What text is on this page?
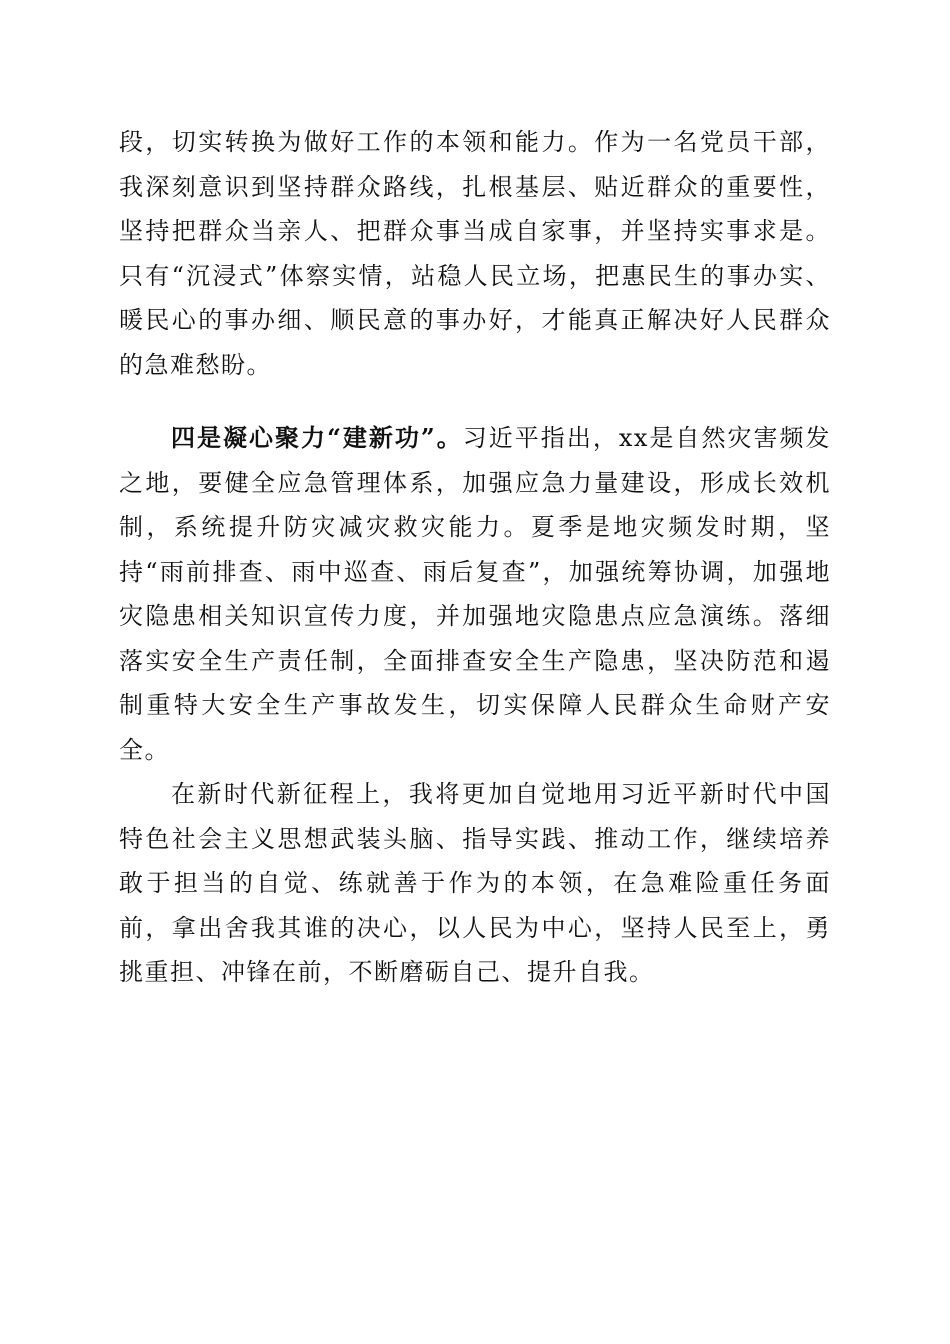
段，切实转换为做好工作的本领和能力。作为一名党员干部，我深刻意识到坚持群众路线，扎根基层、贴近群众的重要性，坚持把群众当亲人、把群众事当成自家事，并坚持实事求是。只有“沉浸式”体察实情，站稳人民立场，把惠民生的事办实、暖民心的事办细、顺民意的事办好，才能真正解决好人民群众的急难愁盼。

四是凝心聚力“建新功”。习近平指出，xx是自然灾害频发之地，要健全应急管理体系，加强应急力量建设，形成长效机制，系统提升防灾减灾救灾能力。夏季是地灾频发时期，坚持“雨前排查、雨中巡查、雨后复查”，加强统筹协调，加强地灾隐患相关知识宣传力度，并加强地灾隐患点应急演练。落细落实安全生产责任制，全面排查安全生产隐患，坚决防范和遏制重特大安全生产事故发生，切实保障人民群众生命财产安全。

在新时代新征程上，我将更加自觉地用习近平新时代中国特色社会主义思想武装头脑、指导实践、推动工作，继续培养敢于担当的自觉、练就善于作为的本领，在急难险重任务面前，拿出舍我其谁的决心，以人民为中心，坚持人民至上，勇挑重担、冲锋在前，不断磨砺自己、提升自我。
